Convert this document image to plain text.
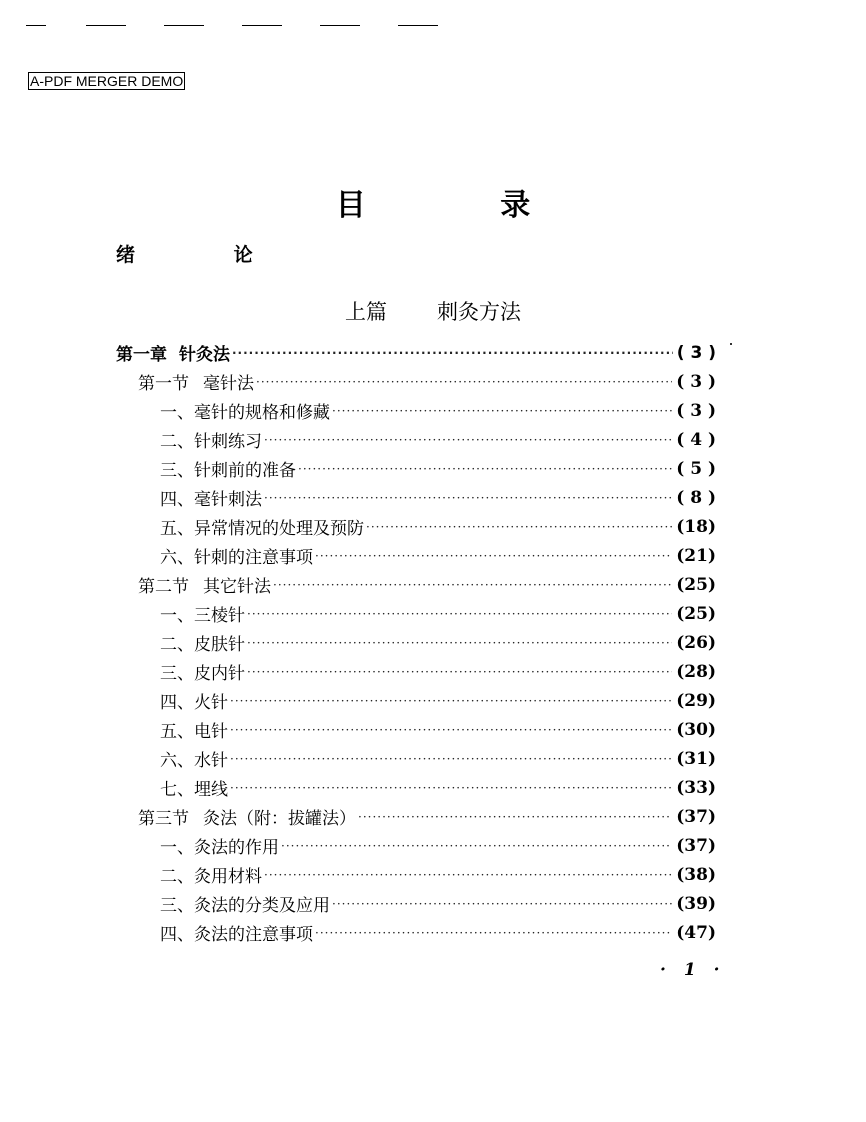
A-PDF MERGER DEMO
目 录
绪 论
上篇 刺灸方法
第一章 针灸法 ·····	( 3 )
第一节 毫针法 ·····	( 3 )
一、毫针的规格和修藏 ·····	( 3 )
二、针刺练习 ·····	( 4 )
三、针刺前的准备 ·····	( 5 )
四、毫针刺法 ·····	( 8 )
五、异常情况的处理及预防 ·····	(18)
六、针刺的注意事项 ·····	(21)
第二节 其它针法 ·····	(25)
一、三棱针 ·····	(25)
二、皮肤针 ·····	(26)
三、皮内针 ·····	(28)
四、火针 ·····	(29)
五、电针 ·····	(30)
六、水针 ·····	(31)
七、埋线 ·····	(33)
第三节 灸法（附：拔罐法） ·····	(37)
一、灸法的作用 ·····	(37)
二、灸用材料 ·····	(38)
三、灸法的分类及应用 ·····	(39)
四、灸法的注意事项 ·····	(47)
· 1 ·
